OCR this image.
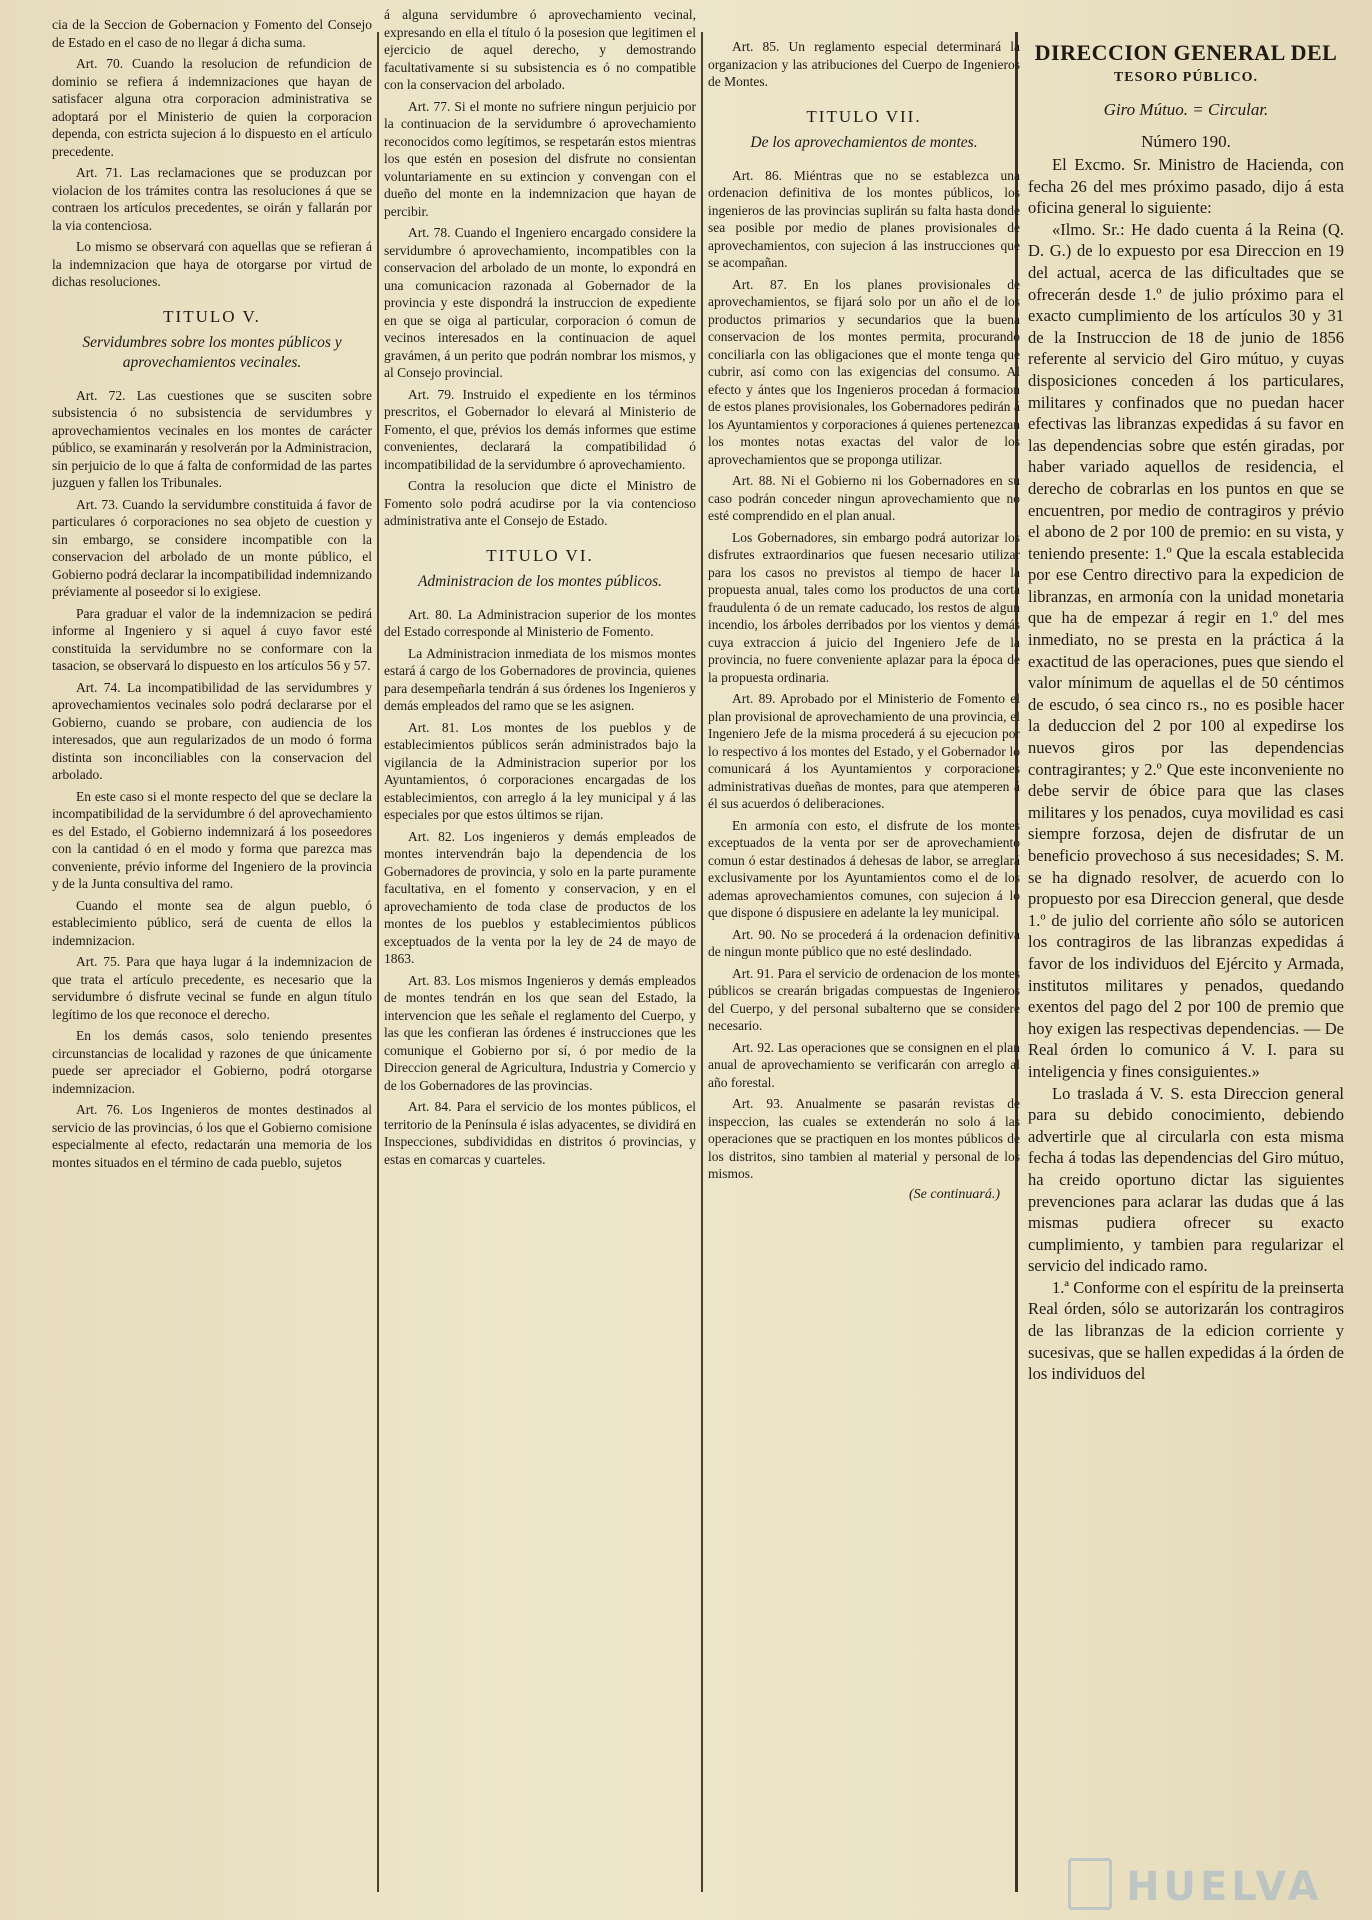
cia de la Seccion de Gobernacion y Fomento del Consejo de Estado en el caso de no llegar á dicha suma.
Art. 70. Cuando la resolucion de refundicion de dominio se refiera á indemnizaciones que hayan de satisfacer alguna otra corporacion administrativa se adoptará por el Ministerio de quien la corporacion dependa, con estricta sujecion á lo dispuesto en el artículo precedente.
Art. 71. Las reclamaciones que se produzcan por violacion de los trámites contra las resoluciones á que se contraen los artículos precedentes, se oirán y fallarán por la via contenciosa.
Lo mismo se observará con aquellas que se refieran á la indemnizacion que haya de otorgarse por virtud de dichas resoluciones.
TITULO V.
Servidumbres sobre los montes públicos y aprovechamientos vecinales.
Art. 72. Las cuestiones que se susciten sobre subsistencia ó no subsistencia de servidumbres y aprovechamientos vecinales en los montes de carácter público, se examinarán y resolverán por la Administracion, sin perjuicio de lo que á falta de conformidad de las partes juzguen y fallen los Tribunales.
Art. 73. Cuando la servidumbre constituida á favor de particulares ó corporaciones no sea objeto de cuestion y sin embargo, se considere incompatible con la conservacion del arbolado de un monte público, el Gobierno podrá declarar la incompatibilidad indemnizando préviamente al poseedor si lo exigiese.
Para graduar el valor de la indemnizacion se pedirá informe al Ingeniero y si aquel á cuyo favor esté constituida la servidumbre no se conformare con la tasacion, se observará lo dispuesto en los artículos 56 y 57.
Art. 74. La incompatibilidad de las servidumbres y aprovechamientos vecinales solo podrá declararse por el Gobierno, cuando se probare, con audiencia de los interesados, que aun regularizados de un modo ó forma distinta son inconciliables con la conservacion del arbolado.
En este caso si el monte respecto del que se declare la incompatibilidad de la servidumbre ó del aprovechamiento es del Estado, el Gobierno indemnizará á los poseedores con la cantidad ó en el modo y forma que parezca mas conveniente, prévio informe del Ingeniero de la provincia y de la Junta consultiva del ramo.
Cuando el monte sea de algun pueblo, ó establecimiento público, será de cuenta de ellos la indemnizacion.
Art. 75. Para que haya lugar á la indemnizacion de que trata el artículo precedente, es necesario que la servidumbre ó disfrute vecinal se funde en algun título legítimo de los que reconoce el derecho.
En los demás casos, solo teniendo presentes circunstancias de localidad y razones de que únicamente puede ser apreciador el Gobierno, podrá otorgarse indemnizacion.
Art. 76. Los Ingenieros de montes destinados al servicio de las provincias, ó los que el Gobierno comisione especialmente al efecto, redactarán una memoria de los montes situados en el término de cada pueblo, sujetos
á alguna servidumbre ó aprovechamiento vecinal, expresando en ella el título ó la posesion que legitimen el ejercicio de aquel derecho, y demostrando facultativamente si su subsistencia es ó no compatible con la conservacion del arbolado.
Art. 77. Si el monte no sufriere ningun perjuicio por la continuacion de la servidumbre ó aprovechamiento reconocidos como legítimos, se respetarán estos mientras los que estén en posesion del disfrute no consientan voluntariamente en su extincion y convengan con el dueño del monte en la indemnizacion que hayan de percibir.
Art. 78. Cuando el Ingeniero encargado considere la servidumbre ó aprovechamiento, incompatibles con la conservacion del arbolado de un monte, lo expondrá en una comunicacion razonada al Gobernador de la provincia y este dispondrá la instruccion de expediente en que se oiga al particular, corporacion ó comun de vecinos interesados en la continuacion de aquel gravámen, á un perito que podrán nombrar los mismos, y al Consejo provincial.
Art. 79. Instruido el expediente en los términos prescritos, el Gobernador lo elevará al Ministerio de Fomento, el que, prévios los demás informes que estime convenientes, declarará la compatibilidad ó incompatibilidad de la servidumbre ó aprovechamiento.
Contra la resolucion que dicte el Ministro de Fomento solo podrá acudirse por la via contencioso administrativa ante el Consejo de Estado.
TITULO VI.
Administracion de los montes públicos.
Art. 80. La Administracion superior de los montes del Estado corresponde al Ministerio de Fomento.
La Administracion inmediata de los mismos montes estará á cargo de los Gobernadores de provincia, quienes para desempeñarla tendrán á sus órdenes los Ingenieros y demás empleados del ramo que se les asignen.
Art. 81. Los montes de los pueblos y de establecimientos públicos serán administrados bajo la vigilancia de la Administracion superior por los Ayuntamientos, ó corporaciones encargadas de los establecimientos, con arreglo á la ley municipal y á las especiales por que estos últimos se rijan.
Art. 82. Los ingenieros y demás empleados de montes intervendrán bajo la dependencia de los Gobernadores de provincia, y solo en la parte puramente facultativa, en el fomento y conservacion, y en el aprovechamiento de toda clase de productos de los montes de los pueblos y establecimientos públicos exceptuados de la venta por la ley de 24 de mayo de 1863.
Art. 83. Los mismos Ingenieros y demás empleados de montes tendrán en los que sean del Estado, la intervencion que les señale el reglamento del Cuerpo, y las que les confieran las órdenes é instrucciones que les comunique el Gobierno por sí, ó por medio de la Direccion general de Agricultura, Industria y Comercio y de los Gobernadores de las provincias.
Art. 84. Para el servicio de los montes públicos, el territorio de la Península é islas adyacentes, se dividirá en Inspecciones, subdivididas en distritos ó provincias, y estas en comarcas y cuarteles.
Art. 85. Un reglamento especial determinará la organizacion y las atribuciones del Cuerpo de Ingenieros de Montes.
TITULO VII.
De los aprovechamientos de montes.
Art. 86. Miéntras que no se establezca una ordenacion definitiva de los montes públicos, los ingenieros de las provincias suplirán su falta hasta donde sea posible por medio de planes provisionales de aprovechamientos, con sujecion á las instrucciones que se acompañan.
Art. 87. En los planes provisionales de aprovechamientos, se fijará solo por un año el de los productos primarios y secundarios que la buena conservacion de los montes permita, procurando conciliarla con las obligaciones que el monte tenga que cubrir, así como con las exigencias del consumo. Al efecto y ántes que los Ingenieros procedan á formacion de estos planes provisionales, los Gobernadores pedirán á los Ayuntamientos y corporaciones á quienes pertenezcan los montes notas exactas del valor de los aprovechamientos que se proponga utilizar.
Art. 88. Ni el Gobierno ni los Gobernadores en su caso podrán conceder ningun aprovechamiento que no esté comprendido en el plan anual.
Los Gobernadores, sin embargo podrá autorizar los disfrutes extraordinarios que fuesen necesario utilizar para los casos no previstos al tiempo de hacer la propuesta anual, tales como los productos de una corta fraudulenta ó de un remate caducado, los restos de algun incendio, los árboles derribados por los vientos y demás cuya extraccion á juicio del Ingeniero Jefe de la provincia, no fuere conveniente aplazar para la época de la propuesta ordinaria.
Art. 89. Aprobado por el Ministerio de Fomento el plan provisional de aprovechamiento de una provincia, el Ingeniero Jefe de la misma procederá á su ejecucion por lo respectivo á los montes del Estado, y el Gobernador lo comunicará á los Ayuntamientos y corporaciones administrativas dueñas de montes, para que atemperen á él sus acuerdos ó deliberaciones.
En armonía con esto, el disfrute de los montes exceptuados de la venta por ser de aprovechamiento comun ó estar destinados á dehesas de labor, se arreglará exclusivamente por los Ayuntamientos como el de los ademas aprovechamientos comunes, con sujecion á lo que dispone ó dispusiere en adelante la ley municipal.
Art. 90. No se procederá á la ordenacion definitiva de ningun monte público que no esté deslindado.
Art. 91. Para el servicio de ordenacion de los montes públicos se crearán brigadas compuestas de Ingenieros del Cuerpo, y del personal subalterno que se considere necesario.
Art. 92. Las operaciones que se consignen en el plan anual de aprovechamiento se verificarán con arreglo al año forestal.
Art. 93. Anualmente se pasarán revistas de inspeccion, las cuales se extenderán no solo á las operaciones que se practiquen en los montes públicos de los distritos, sino tambien al material y personal de los mismos.
(Se continuará.)
DIRECCION GENERAL DEL
TESORO PÚBLICO.
Giro Mútuo. = Circular.
Número 190.
El Excmo. Sr. Ministro de Hacienda, con fecha 26 del mes próximo pasado, dijo á esta oficina general lo siguiente:
«Ilmo. Sr.: He dado cuenta á la Reina (Q. D. G.) de lo expuesto por esa Direccion en 19 del actual, acerca de las dificultades que se ofrecerán desde 1.º de julio próximo para el exacto cumplimiento de los artículos 30 y 31 de la Instruccion de 18 de junio de 1856 referente al servicio del Giro mútuo, y cuyas disposiciones conceden á los particulares, militares y confinados que no puedan hacer efectivas las libranzas expedidas á su favor en las dependencias sobre que estén giradas, por haber variado aquellos de residencia, el derecho de cobrarlas en los puntos en que se encuentren, por medio de contragiros y prévio el abono de 2 por 100 de premio: en su vista, y teniendo presente: 1.º Que la escala establecida por ese Centro directivo para la expedicion de libranzas, en armonía con la unidad monetaria que ha de empezar á regir en 1.º del mes inmediato, no se presta en la práctica á la exactitud de las operaciones, pues que siendo el valor mínimum de aquellas el de 50 céntimos de escudo, ó sea cinco rs., no es posible hacer la deduccion del 2 por 100 al expedirse los nuevos giros por las dependencias contragirantes; y 2.º Que este inconveniente no debe servir de óbice para que las clases militares y los penados, cuya movilidad es casi siempre forzosa, dejen de disfrutar de un beneficio provechoso á sus necesidades; S. M. se ha dignado resolver, de acuerdo con lo propuesto por esa Direccion general, que desde 1.º de julio del corriente año sólo se autoricen los contragiros de las libranzas expedidas á favor de los individuos del Ejército y Armada, institutos militares y penados, quedando exentos del pago del 2 por 100 de premio que hoy exigen las respectivas dependencias. — De Real órden lo comunico á V. I. para su inteligencia y fines consiguientes.»
Lo traslada á V. S. esta Direccion general para su debido conocimiento, debiendo advertirle que al circularla con esta misma fecha á todas las dependencias del Giro mútuo, ha creido oportuno dictar las siguientes prevenciones para aclarar las dudas que á las mismas pudiera ofrecer su exacto cumplimiento, y tambien para regularizar el servicio del indicado ramo.
1.ª Conforme con el espíritu de la preinserta Real órden, sólo se autorizarán los contragiros de las libranzas de la edicion corriente y sucesivas, que se hallen expedidas á la órden de los individuos del
HUELVA
